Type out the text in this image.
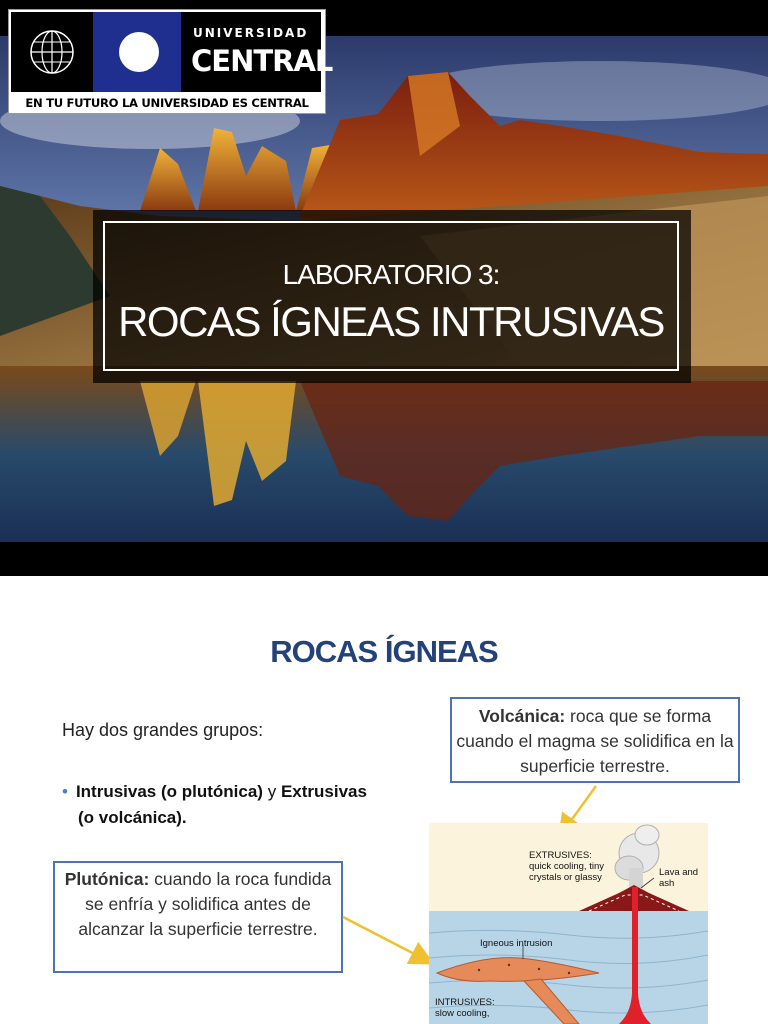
UNIVERSIDAD
CENTRAL
EN TU FUTURO LA UNIVERSIDAD ES CENTRAL
LABORATORIO 3:
ROCAS ÍGNEAS INTRUSIVAS
ROCAS ÍGNEAS
Hay dos grandes grupos:
• Intrusivas (o plutónica) y Extrusivas
(o volcánica).
Volcánica: roca que se forma cuando el magma se solidifica en la superficie terrestre.
Plutónica: cuando la roca fundida se enfría y solidifica antes de alcanzar la superficie terrestre.
EXTRUSIVES:
quick cooling, tiny
crystals or glassy	Lava and
ash
Igneous intrusion
INTRUSIVES:
slow cooling,
